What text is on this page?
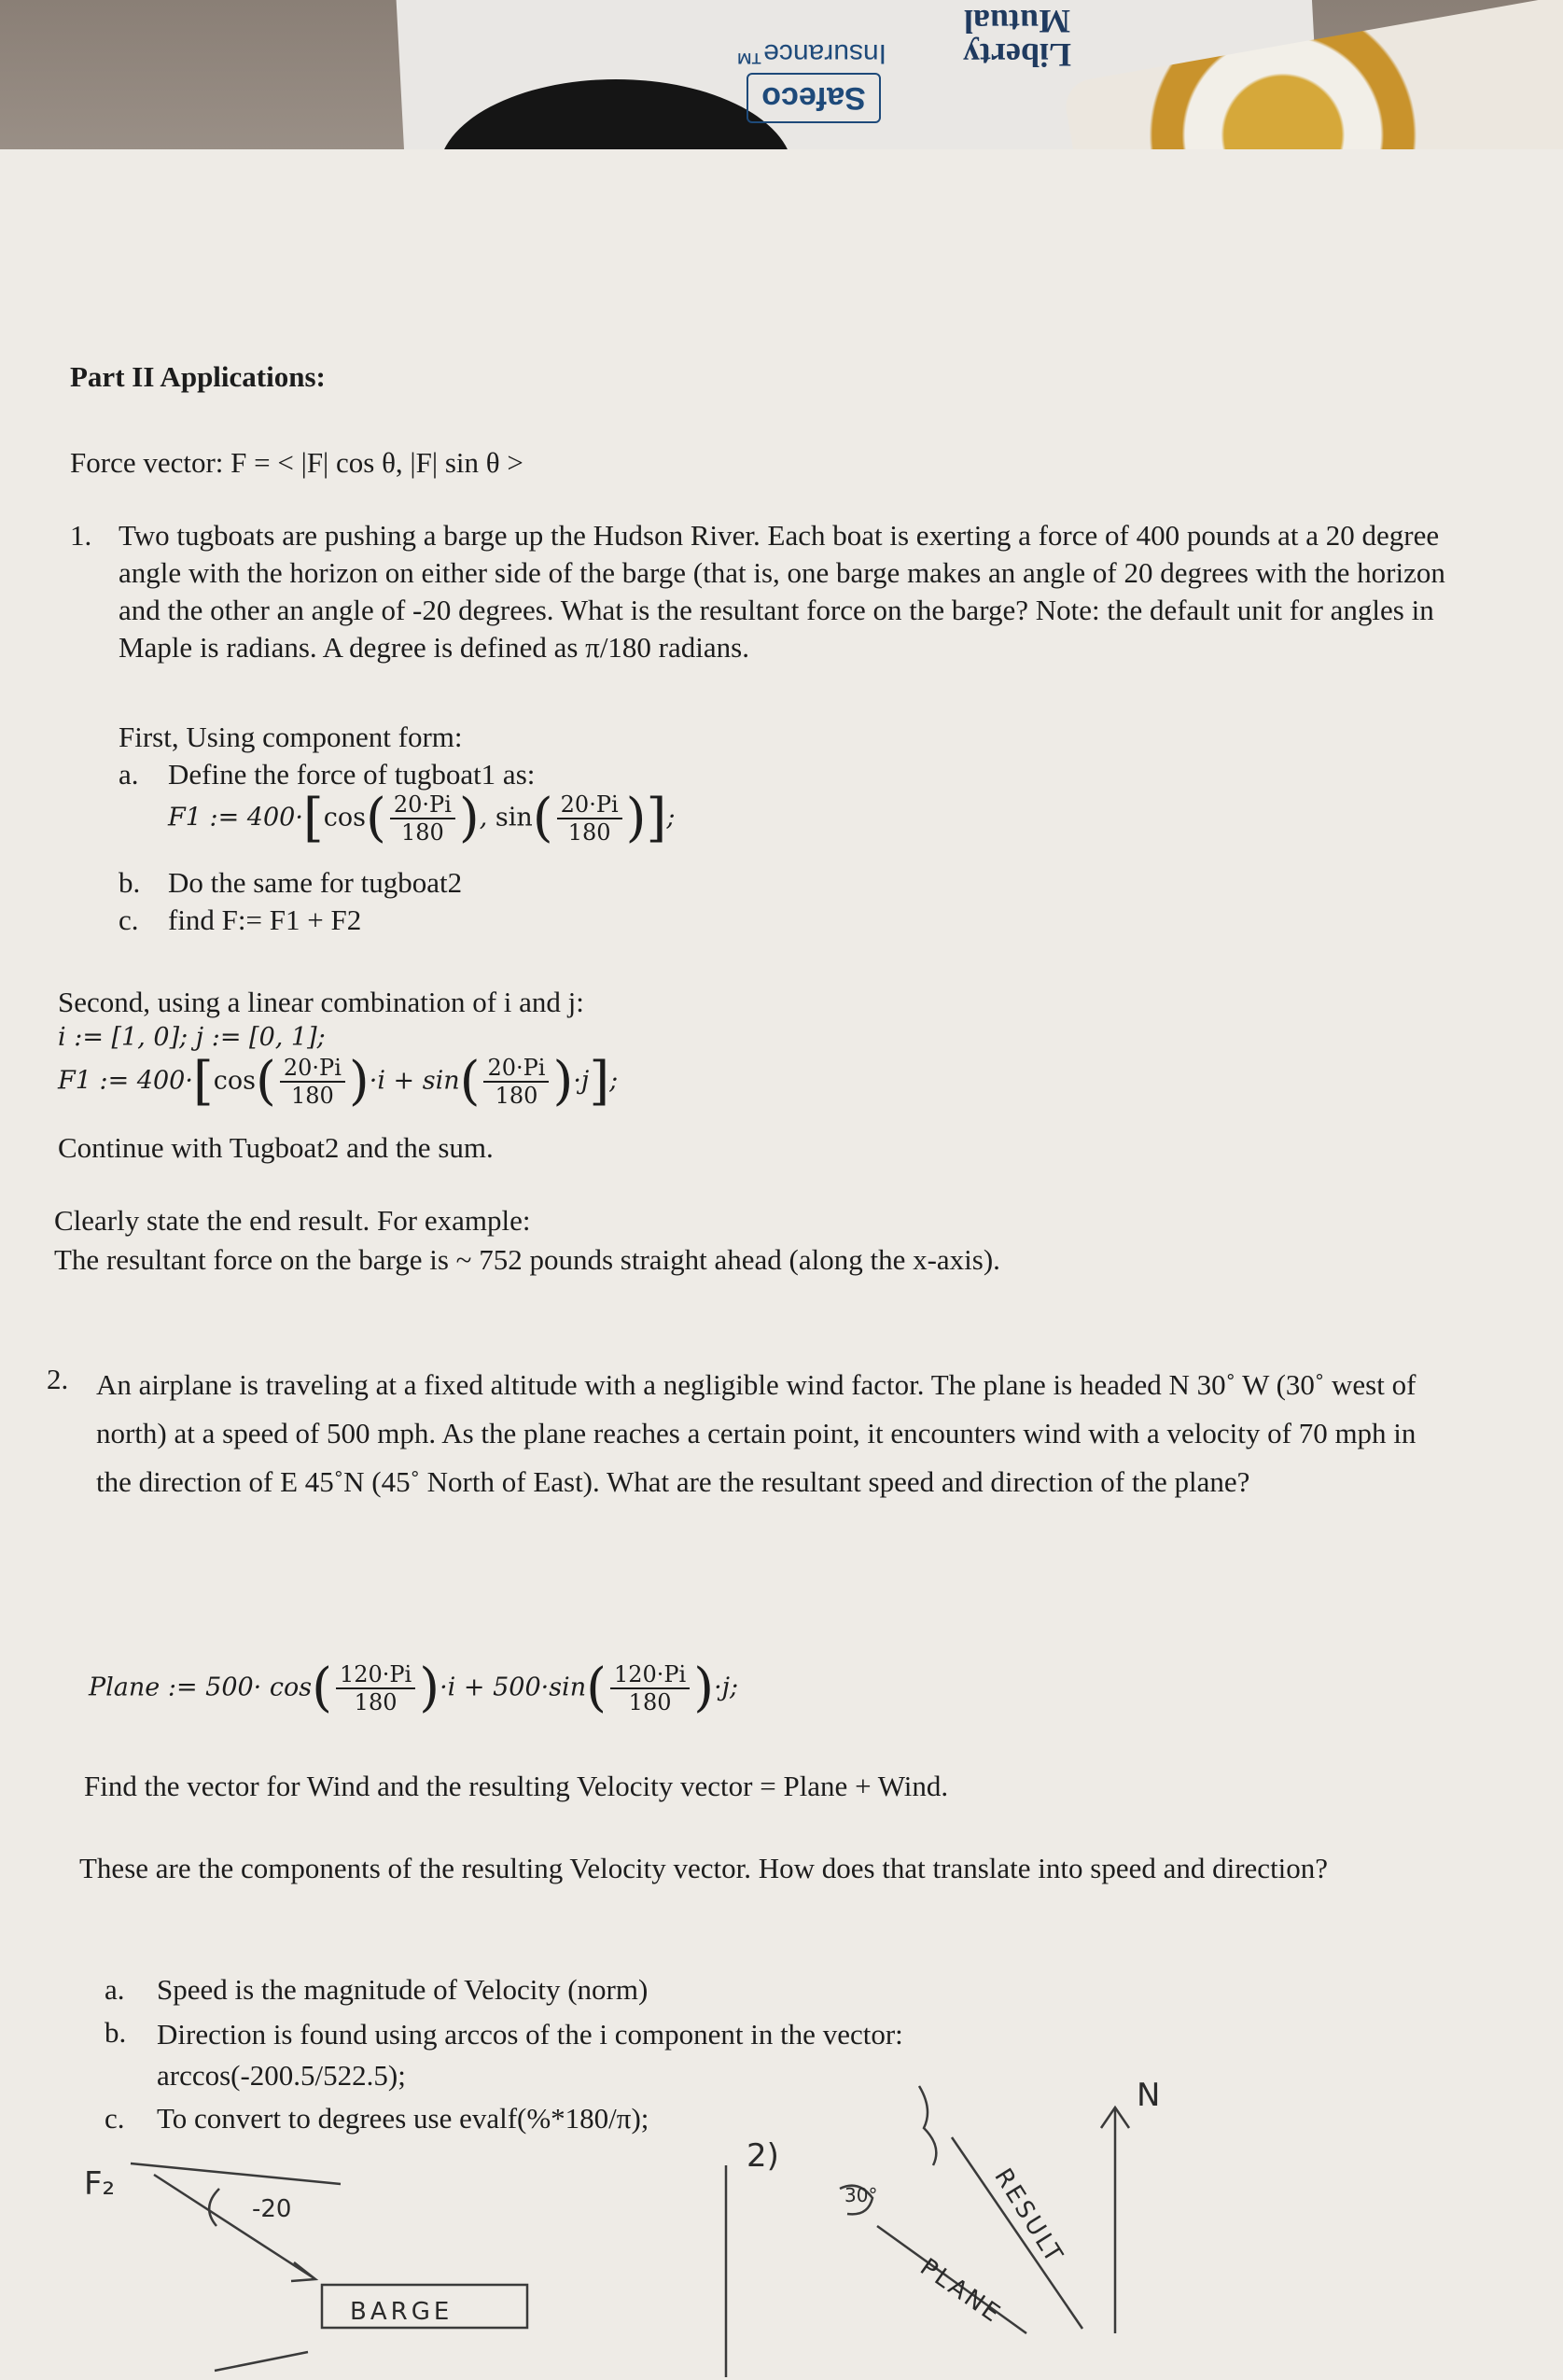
Insurance™
Safeco
Liberty Mutual
Part II Applications:
Force vector: F = < |F| cos θ, |F| sin θ >
1. Two tugboats are pushing a barge up the Hudson River. Each boat is exerting a force of 400 pounds at a 20 degree angle with the horizon on either side of the barge (that is, one barge makes an angle of 20 degrees with the horizon and the other an angle of -20 degrees. What is the resultant force on the barge? Note: the default unit for angles in Maple is radians. A degree is defined as π/180 radians.
First, Using component form:
a. Define the force of tugboat1 as:
F1 := $400\cdot[\cos( \frac{20\cdot Pi}{180}$ ), $\sin( \frac{20\cdot Pi}{180}$ )];
b. Do the same for tugboat2
c. find F:= F1 + F2
Second, using a linear combination of i and j:
i := [1, 0]; j := [0, 1];
F1 := $400\cdot[\cos( \frac{20\cdot Pi}{180} )\cdot i + \sin( \frac{20\cdot Pi}{180} )\cdot j]$;
Continue with Tugboat2 and the sum.
Clearly state the end result. For example:
The resultant force on the barge is ~ 752 pounds straight ahead (along the x-axis).
2. An airplane is traveling at a fixed altitude with a negligible wind factor. The plane is headed N 30˚ W (30˚ west of north) at a speed of 500 mph. As the plane reaches a certain point, it encounters wind with a velocity of 70 mph in the direction of E 45˚N (45˚ North of East). What are the resultant speed and direction of the plane?
Plane := $500\cdot \cos( \frac{120\cdot Pi}{180} )\cdot i + 500\cdot\sin( \frac{120\cdot Pi}{180} )\cdot j$;
Find the vector for Wind and the resulting Velocity vector = Plane + Wind.
These are the components of the resulting Velocity vector. How does that translate into speed and direction?
a. Speed is the magnitude of Velocity (norm)
b. Direction is found using arccos of the i component in the vector: arccos(-200.5/522.5);
c. To convert to degrees use evalf(%*180/π);
F₂
-20
BARGE
2)
N
RESULT
PLANE
30°
